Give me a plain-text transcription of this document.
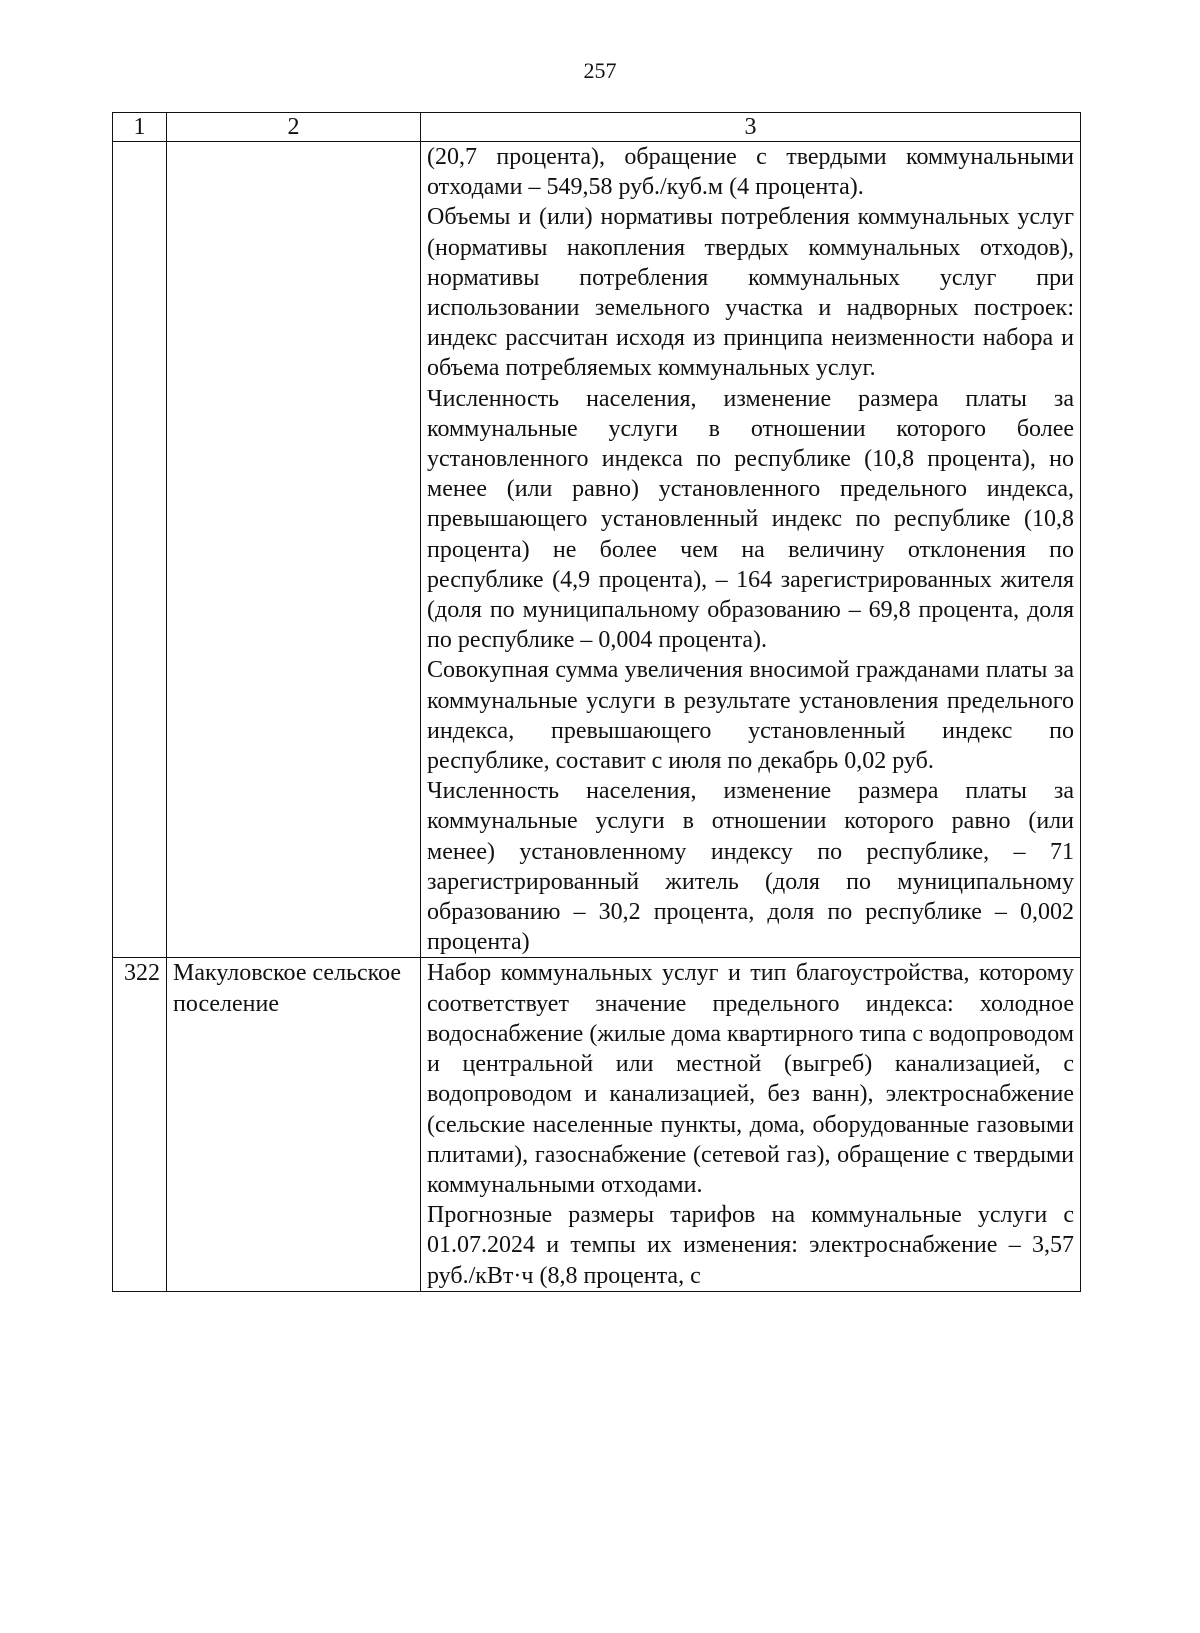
257
1	2	3

		(20,7 процента), обращение с твердыми коммунальными отходами – 549,58 руб./куб.м (4 процента).

Объемы и (или) нормативы потребления коммунальных услуг (нормативы накопления твердых коммунальных отходов), нормативы потребления коммунальных услуг при использовании земельного участка и надворных построек: индекс рассчитан исходя из принципа неизменности набора и объема потребляемых коммунальных услуг.

Численность населения, изменение размера платы за коммунальные услуги в отношении которого более установленного индекса по республике (10,8 процента), но менее (или равно) установленного предельного индекса, превышающего установленный индекс по республике (10,8 процента) не более чем на величину отклонения по республике (4,9 процента), – 164 зарегистрированных жителя (доля по муниципальному образованию – 69,8 процента, доля по республике – 0,004 процента).

Совокупная сумма увеличения вносимой гражданами платы за коммунальные услуги в результате установления предельного индекса, превышающего установленный индекс по республике, составит с июля по декабрь 0,02 руб.

Численность населения, изменение размера платы за коммунальные услуги в отношении которого равно (или менее) установленному индексу по республике, – 71 зарегистрированный житель (доля по муниципальному образованию – 30,2 процента, доля по республике – 0,002 процента)

322	Макуловское сельское поселение	Набор коммунальных услуг и тип благоустройства, которому соответствует значение предельного индекса: холодное водоснабжение (жилые дома квартирного типа с водопроводом и центральной или местной (выгреб) канализацией, с водопроводом и канализацией, без ванн), электроснабжение (сельские населенные пункты, дома, оборудованные газовыми плитами), газоснабжение (сетевой газ), обращение с твердыми коммунальными отходами.

Прогнозные размеры тарифов на коммунальные услуги с 01.07.2024 и темпы их изменения: электроснабжение – 3,57 руб./кВт·ч (8,8 процента, с
